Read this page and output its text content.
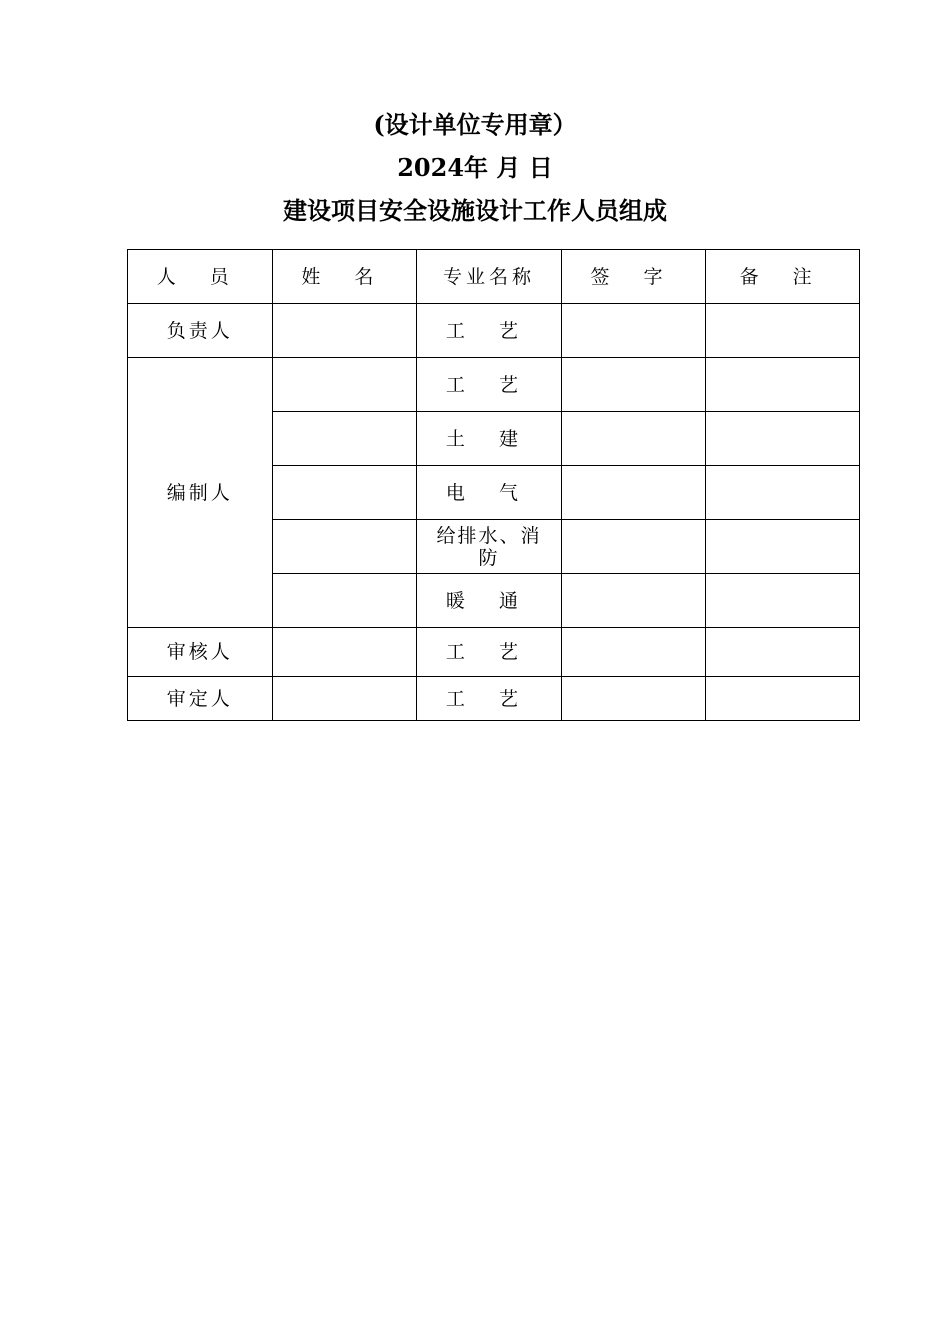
(设计单位专用章）
2024年 月 日
建设项目安全设施设计工作人员组成
人 员	姓 名	专业名称	签 字	备 注
负责人		工 艺		
编制人		工 艺		
		土 建		
		电 气		
		给排水、消防		
		暖 通		
审核人		工 艺		
审定人		工 艺		
